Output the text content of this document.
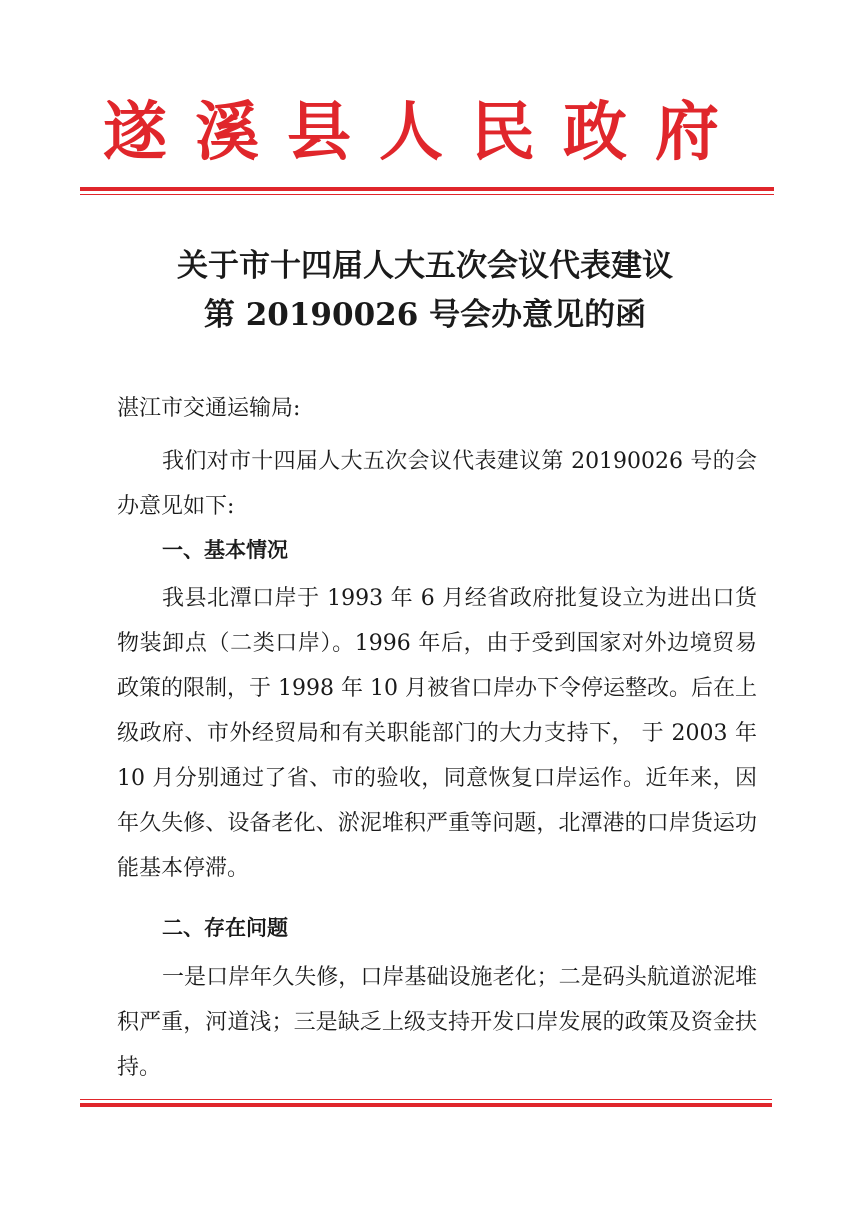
遂溪县人民政府
关于市十四届人大五次会议代表建议
第 20190026 号会办意见的函
湛江市交通运输局:

我们对市十四届人大五次会议代表建议第 20190026 号的会办意见如下:

一、基本情况

我县北潭口岸于 1993 年 6 月经省政府批复设立为进出口货物装卸点（二类口岸）。1996 年后，由于受到国家对外边境贸易政策的限制，于 1998 年 10 月被省口岸办下令停运整改。后在上级政府、市外经贸局和有关职能部门的大力支持下， 于 2003 年 10 月分别通过了省、市的验收，同意恢复口岸运作。近年来，因年久失修、设备老化、淤泥堆积严重等问题，北潭港的口岸货运功能基本停滞。

二、存在问题

一是口岸年久失修，口岸基础设施老化；二是码头航道淤泥堆积严重，河道浅；三是缺乏上级支持开发口岸发展的政策及资金扶持。
